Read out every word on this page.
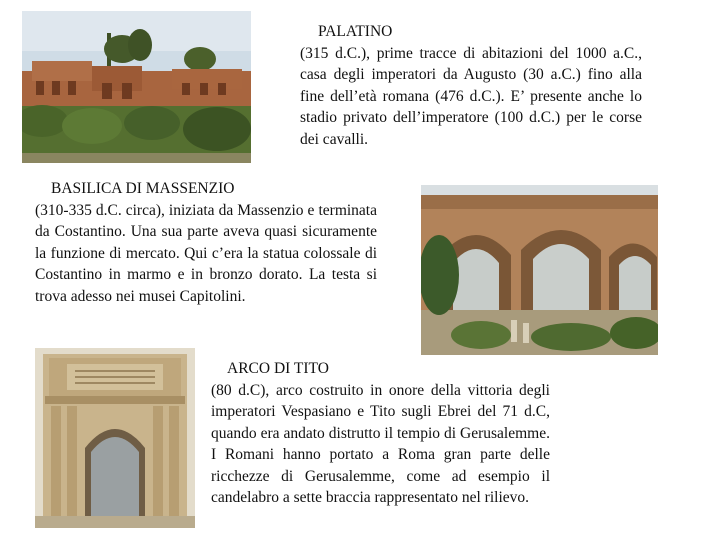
PALATINO
(315 d.C.), prime tracce di abitazioni del 1000 a.C., casa degli imperatori da Augusto (30 a.C.) fino alla fine dell’età romana (476 d.C.). E’ presente anche lo stadio privato dell’imperatore (100 d.C.) per le corse dei cavalli.
BASILICA DI MASSENZIO
(310-335 d.C. circa), iniziata da Massenzio e terminata da Costantino. Una sua parte aveva quasi sicuramente la funzione di mercato. Qui c’era la statua colossale di Costantino in marmo e in bronzo dorato. La testa si trova adesso nei musei Capitolini.
ARCO DI TITO
(80 d.C), arco costruito in onore della vittoria degli imperatori Vespasiano e Tito sugli Ebrei del 71 d.C, quando era andato distrutto il tempio di Gerusalemme. I Romani hanno portato a Roma gran parte delle ricchezze di Gerusalemme, come ad esempio il candelabro a sette braccia rappresentato nel rilievo.
